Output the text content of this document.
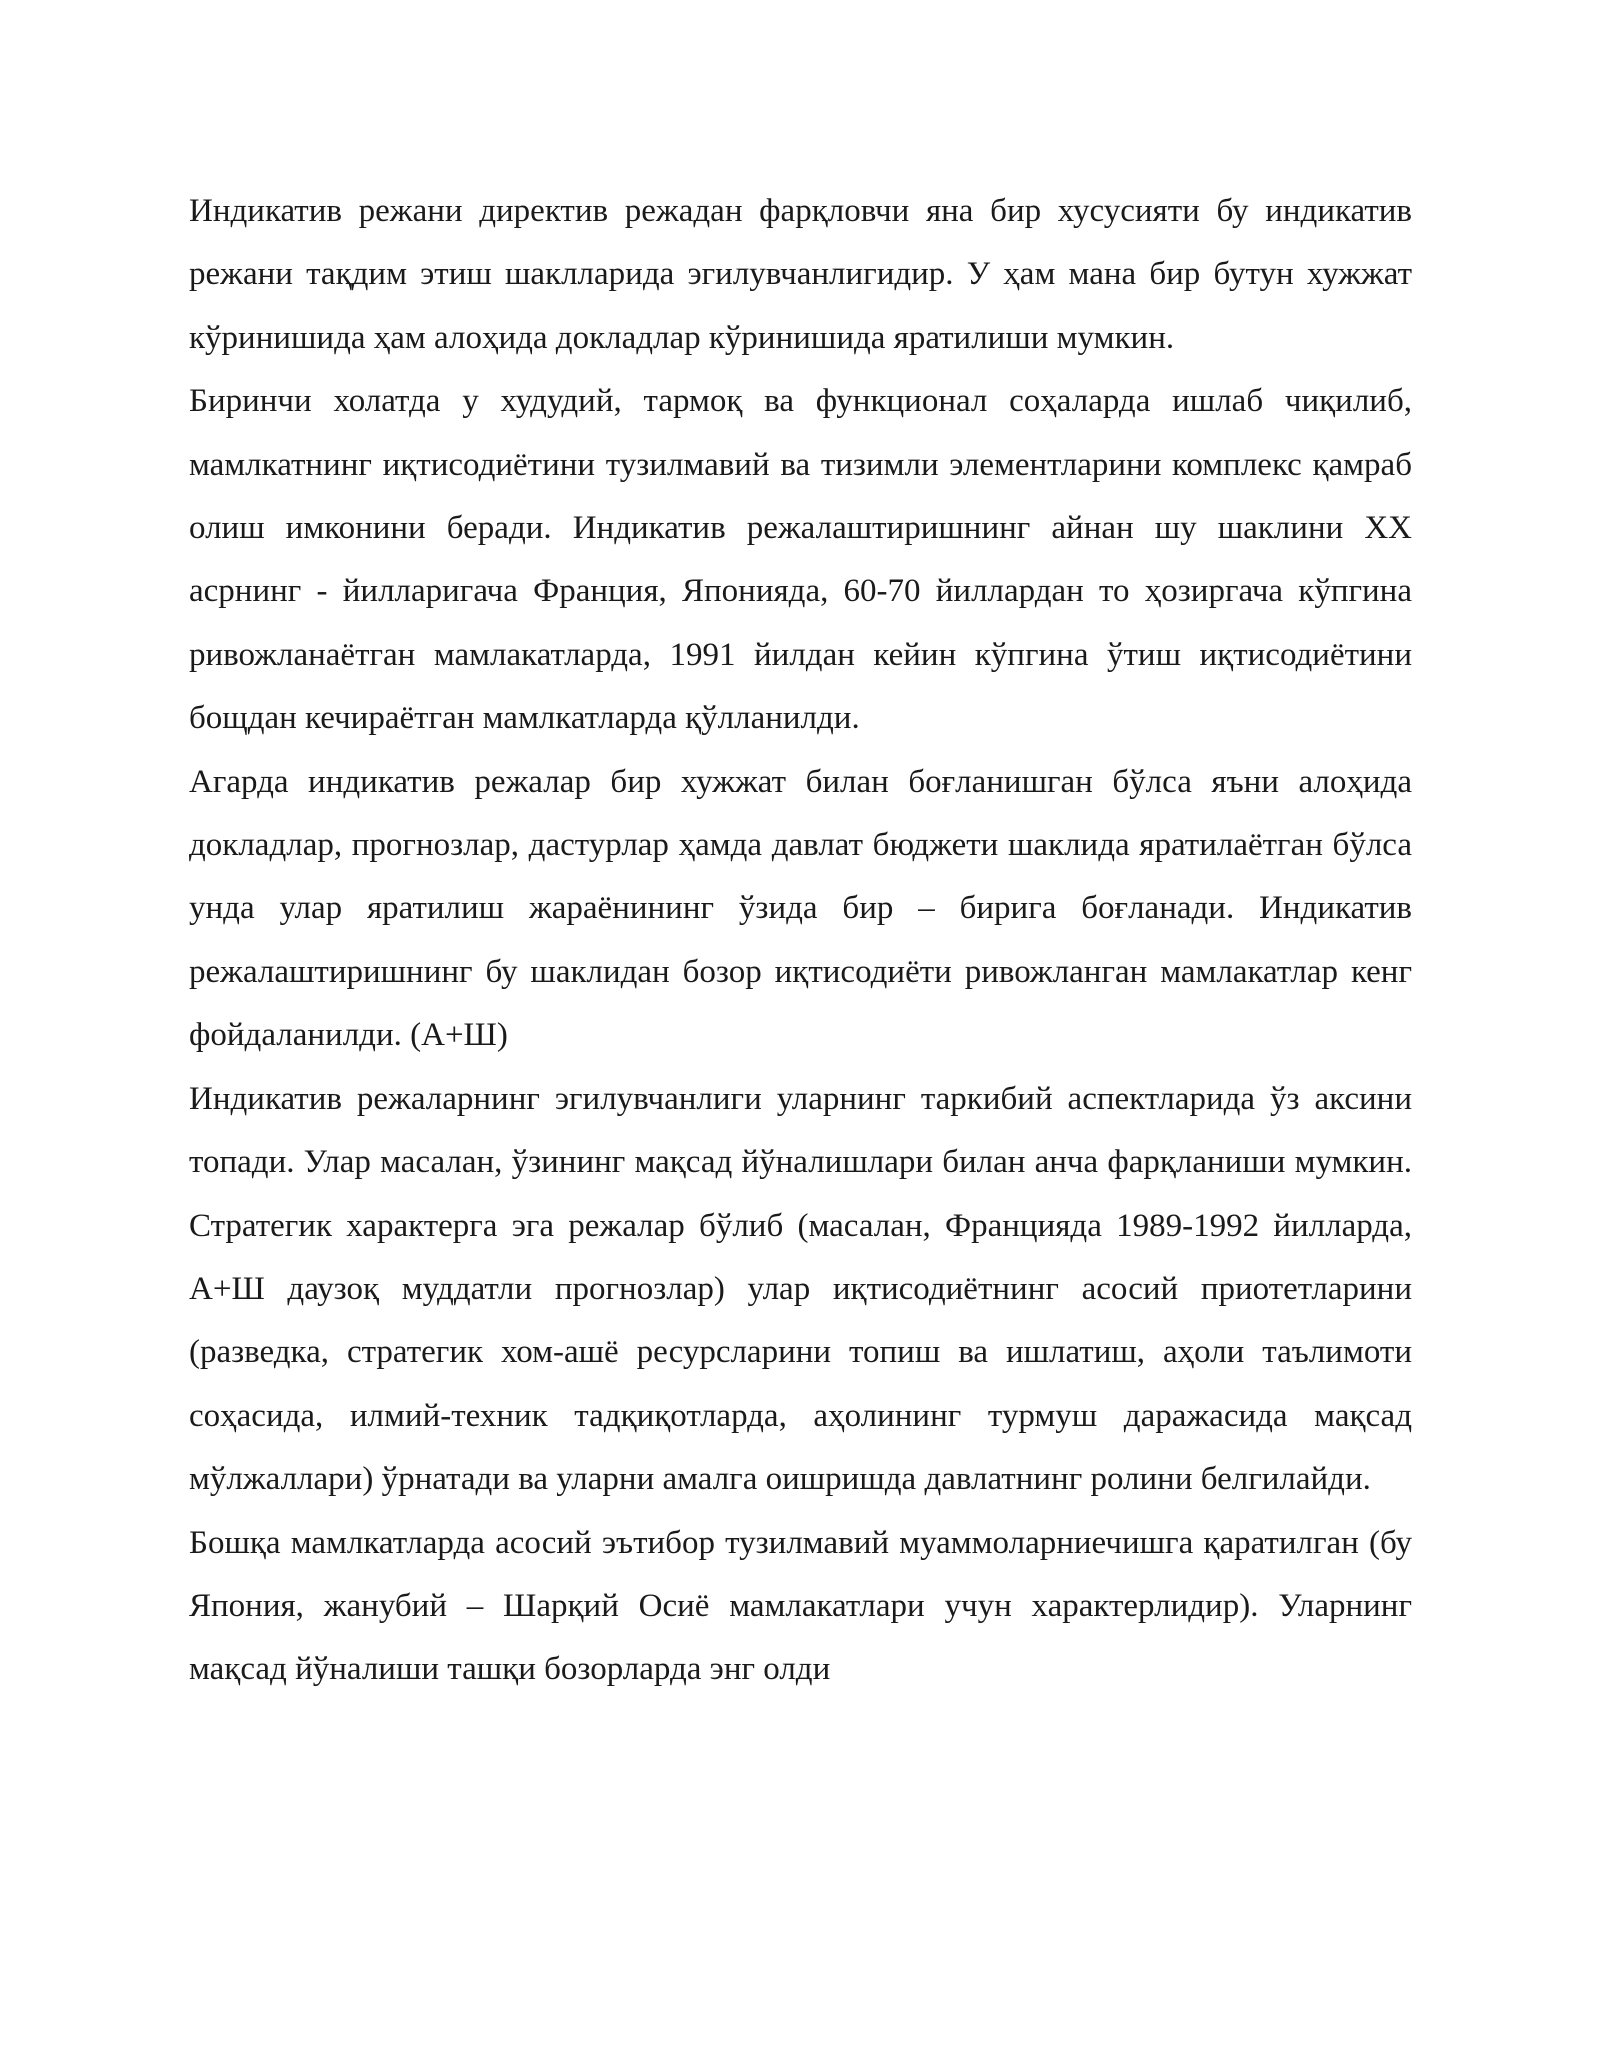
Индикатив режани директив режадан фарқловчи яна бир хусусияти бу индикатив режани тақдим этиш шаклларида эгилувчанлигидир. У ҳам мана бир бутун хужжат кўринишида ҳам алоҳида докладлар кўринишида яратилиши мумкин.

Биринчи холатда у худудий, тармоқ ва функционал соҳаларда ишлаб чиқилиб, мамлкатнинг иқтисодиётини тузилмавий ва тизимли элементларини комплекс қамраб олиш имконини беради. Индикатив режалаштиришнинг айнан шу шаклини XX асрнинг - йилларигача Франция, Японияда, 60-70 йиллардан то ҳозиргача кўпгина ривожланаётган мамлакатларда, 1991 йилдан кейин кўпгина ўтиш иқтисодиётини бощдан кечираётган мамлкатларда қўлланилди.

Агарда индикатив режалар бир хужжат билан боғланишган бўлса яъни алоҳида докладлар, прогнозлар, дастурлар ҳамда давлат бюджети шаклида яратилаётган бўлса унда улар яратилиш жараёнининг ўзида бир – бирига боғланади. Индикатив режалаштиришнинг бу шаклидан бозор иқтисодиёти ривожланган мамлакатлар кенг фойдаланилди. (А+Ш)

Индикатив режаларнинг эгилувчанлиги уларнинг таркибий аспектларида ўз аксини топади. Улар масалан, ўзининг мақсад йўналишлари билан анча фарқланиши мумкин. Стратегик характерга эга режалар бўлиб (масалан, Францияда 1989-1992 йилларда, А+Ш даузоқ муддатли прогнозлар) улар иқтисодиётнинг асосий приотетларини (разведка, стратегик хом-ашё ресурсларини топиш ва ишлатиш, аҳоли таълимоти соҳасида, илмий-техник тадқиқотларда, аҳолининг турмуш даражасида мақсад мўлжаллари) ўрнатади ва уларни амалга оишришда давлатнинг ролини белгилайди.

Бошқа мамлкатларда асосий эътибор тузилмавий муаммоларниечишга қаратилган (бу Япония, жанубий – Шарқий Осиё мамлакатлари учун характерлидир). Уларнинг мақсад йўналиши ташқи бозорларда энг олди
